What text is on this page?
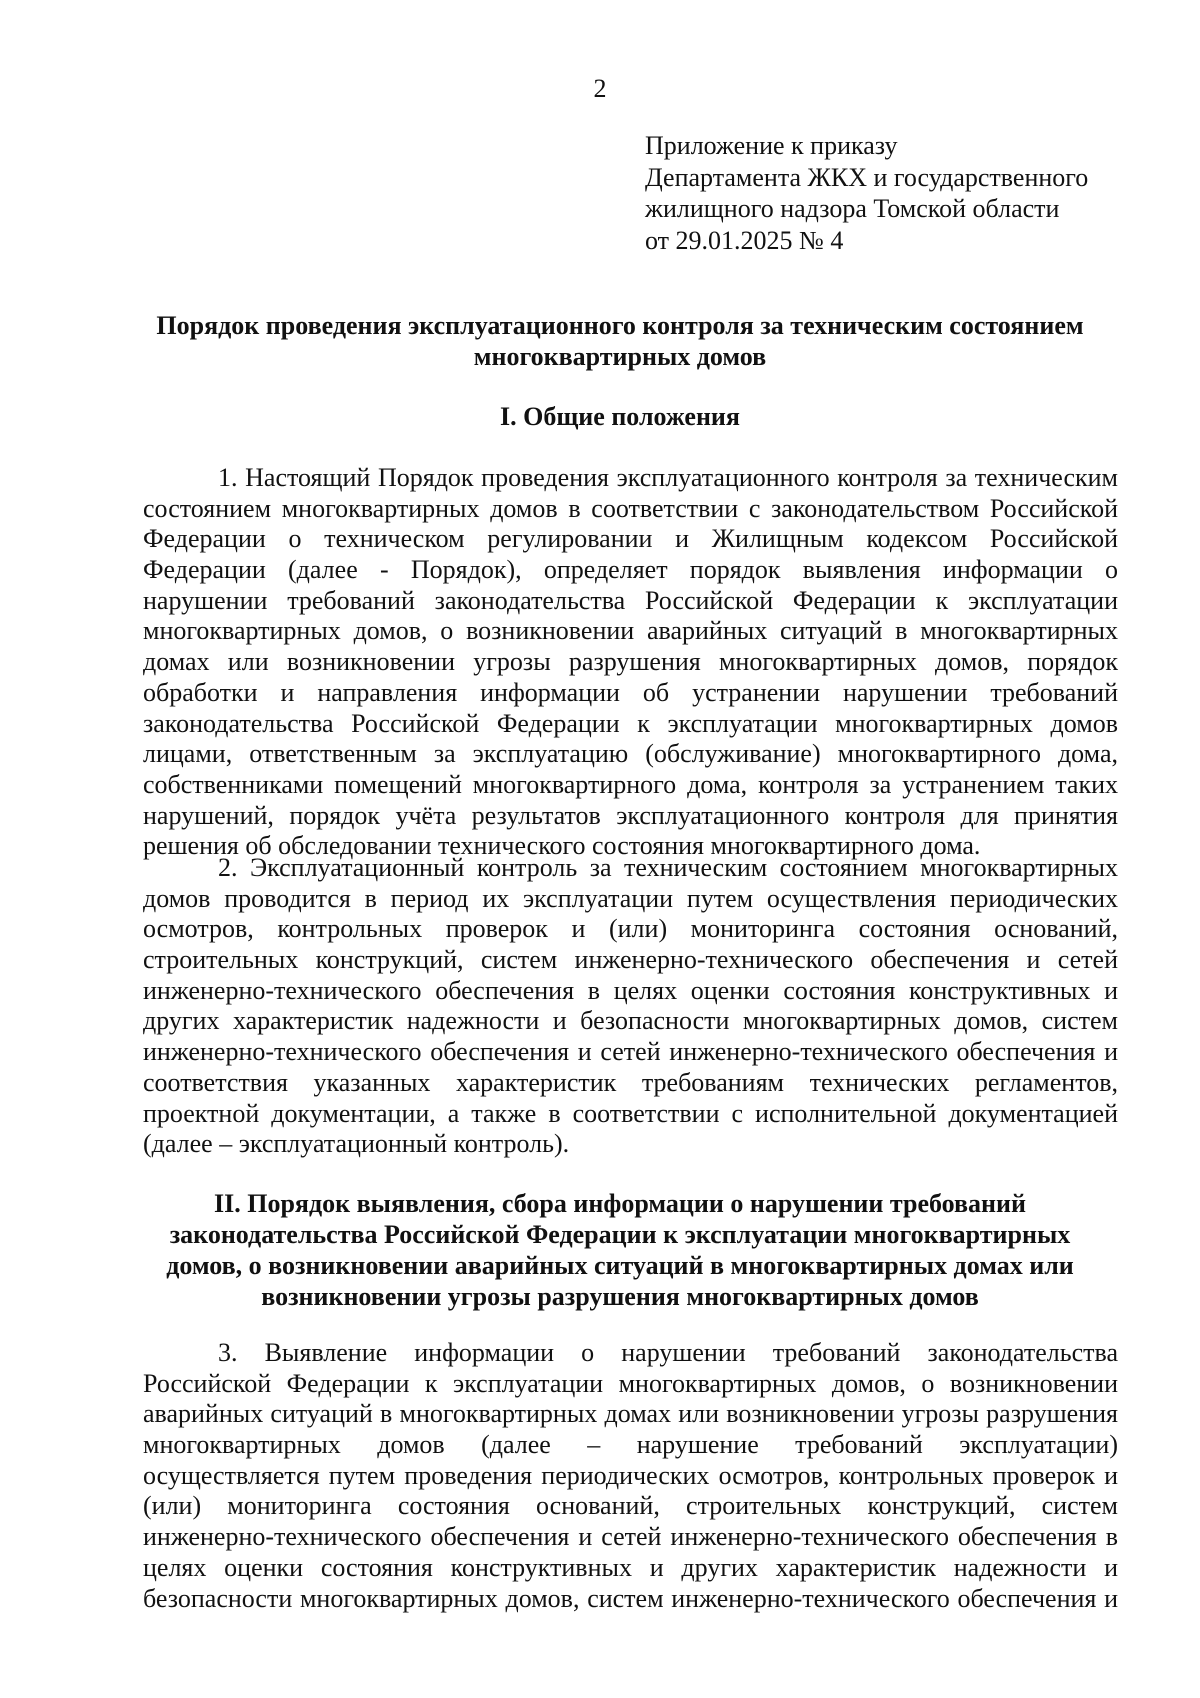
2
Приложение к приказу
Департамента ЖКХ и государственного
жилищного надзора Томской области
от 29.01.2025 № 4
Порядок проведения эксплуатационного контроля за техническим состоянием
многоквартирных домов
I. Общие положения
1. Настоящий Порядок проведения эксплуатационного контроля за техническим
состоянием многоквартирных домов в соответствии с законодательством Российской
Федерации о техническом регулировании и Жилищным кодексом Российской
Федерации (далее - Порядок), определяет порядок выявления информации о
нарушении требований законодательства Российской Федерации к эксплуатации
многоквартирных домов, о возникновении аварийных ситуаций в многоквартирных
домах или возникновении угрозы разрушения многоквартирных домов, порядок
обработки и направления информации об устранении нарушении требований
законодательства Российской Федерации к эксплуатации многоквартирных домов
лицами, ответственным за эксплуатацию (обслуживание) многоквартирного дома,
собственниками помещений многоквартирного дома, контроля за устранением таких
нарушений, порядок учёта результатов эксплуатационного контроля для принятия
решения об обследовании технического состояния многоквартирного дома.
2. Эксплуатационный контроль за техническим состоянием многоквартирных
домов проводится в период их эксплуатации путем осуществления периодических
осмотров, контрольных проверок и (или) мониторинга состояния оснований,
строительных конструкций, систем инженерно-технического обеспечения и сетей
инженерно-технического обеспечения в целях оценки состояния конструктивных и
других характеристик надежности и безопасности многоквартирных домов, систем
инженерно-технического обеспечения и сетей инженерно-технического обеспечения и
соответствия указанных характеристик требованиям технических регламентов,
проектной документации, а также в соответствии с исполнительной документацией
(далее – эксплуатационный контроль).
II. Порядок выявления, сбора информации о нарушении требований
законодательства Российской Федерации к эксплуатации многоквартирных
домов, о возникновении аварийных ситуаций в многоквартирных домах или
возникновении угрозы разрушения многоквартирных домов
3. Выявление информации о нарушении требований законодательства
Российской Федерации к эксплуатации многоквартирных домов, о возникновении
аварийных ситуаций в многоквартирных домах или возникновении угрозы разрушения
многоквартирных домов (далее – нарушение требований эксплуатации)
осуществляется путем проведения периодических осмотров, контрольных проверок и
(или) мониторинга состояния оснований, строительных конструкций, систем
инженерно-технического обеспечения и сетей инженерно-технического обеспечения в
целях оценки состояния конструктивных и других характеристик надежности и
безопасности многоквартирных домов, систем инженерно-технического обеспечения и
